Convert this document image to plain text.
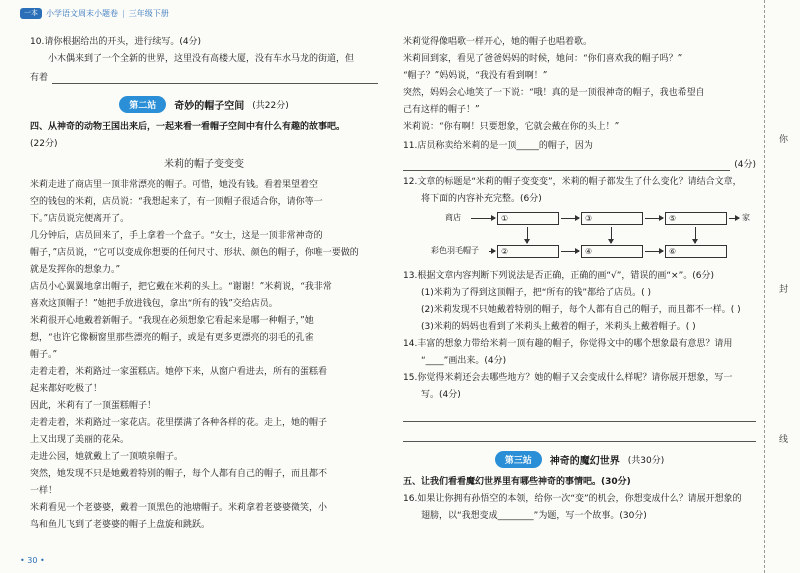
一本	小学语文周末小题卷 | 三年级下册
10.请你根据给出的开头，进行续写。(4分)
小木偶来到了一个全新的世界，这里没有高楼大厦，没有车水马龙的街道，但
有着
第二站	奇妙的帽子空间 (共22分)
四、从神奇的动物王国出来后，一起来看一看帽子空间中有什么有趣的故事吧。
(22分)
米莉的帽子变变变
米莉走进了商店里一顶非常漂亮的帽子。可惜，她没有钱。看着果望着空
空的钱包的米莉，店员说：“我想起来了，有一顶帽子很适合你，请你等一
下。”店员说完便离开了。
几分钟后，店员回来了，手上拿着一个盒子。“女士，这是一顶非常神奇的
帽子，”店员说，“它可以变成你想要的任何尺寸、形状、颜色的帽子，你唯一要做的
就是发挥你的想象力。”
店员小心翼翼地拿出帽子，把它戴在米莉的头上。“谢谢！”米莉说，“我非常
喜欢这顶帽子！”她把手放进钱包，拿出“所有的钱”交给店员。
米莉很开心地戴着新帽子。“我现在必须想象它看起来是哪一种帽子，”她
想，“也许它像橱窗里那些漂亮的帽子，或是有更多更漂亮的羽毛的孔雀
帽子。”
走着走着，米莉路过一家蛋糕店。她停下来，从窗户看进去，所有的蛋糕看
起来都好吃极了！
因此，米莉有了一顶蛋糕帽子！
走着走着，米莉路过一家花店。花里摆满了各种各样的花。走上，她的帽子
上又出现了美丽的花朵。
走进公园，她就戴上了一顶喷泉帽子。
突然，她发现不只是她戴着特别的帽子，每个人都有自己的帽子，而且都不
一样！
米莉看见一个老婆婆，戴着一顶黑色的池塘帽子。米莉拿着老婆婆微笑，小
鸟和鱼儿飞到了老婆婆的帽子上盘旋和跳跃。
米莉觉得像唱歌一样开心，她的帽子也唱着歌。
米莉回到家，看见了爸爸妈妈的时候，她问：“你们喜欢我的帽子吗？”
“帽子？”妈妈说，“我没有看到啊！”
突然，妈妈会心地笑了一下说：“哦！真的是一顶很神奇的帽子，我也希望自
己有这样的帽子！”
米莉说：“你有啊！只要想象，它就会戴在你的头上！”
11.店员称卖给米莉的是一顶_____的帽子，因为
(4分)
12.文章的标题是“米莉的帽子变变变”，米莉的帽子都发生了什么变化？请结合文章，
将下面的内容补充完整。(6分)
商店
彩色羽毛帽子
①	③	⑤	家
②	④	⑥
13.根据文章内容判断下列说法是否正确，正确的画“√”，错误的画“×”。(6分)
(1)米莉为了得到这顶帽子，把“所有的钱”都给了店员。( )
(2)米莉发现不只她戴着特别的帽子，每个人都有自己的帽子，而且都不一样。( )
(3)米莉的妈妈也看到了米莉头上戴着的帽子，米莉头上戴着帽子。( )
14.丰富的想象力带给米莉一顶有趣的帽子，你觉得文中的哪个想象最有意思？请用
“____”画出来。(4分)
15.你觉得米莉还会去哪些地方？她的帽子又会变成什么样呢？请你展开想象，写一
写。(4分)
第三站	神奇的魔幻世界 (共30分)
五、让我们看看魔幻世界里有哪些神奇的事情吧。(30分)
16.如果让你拥有孙悟空的本领，给你一次“变”的机会，你想变成什么？请展开想象的
翅膀，以“我想变成________”为题，写一个故事。(30分)
• 30 •
你
封
线
